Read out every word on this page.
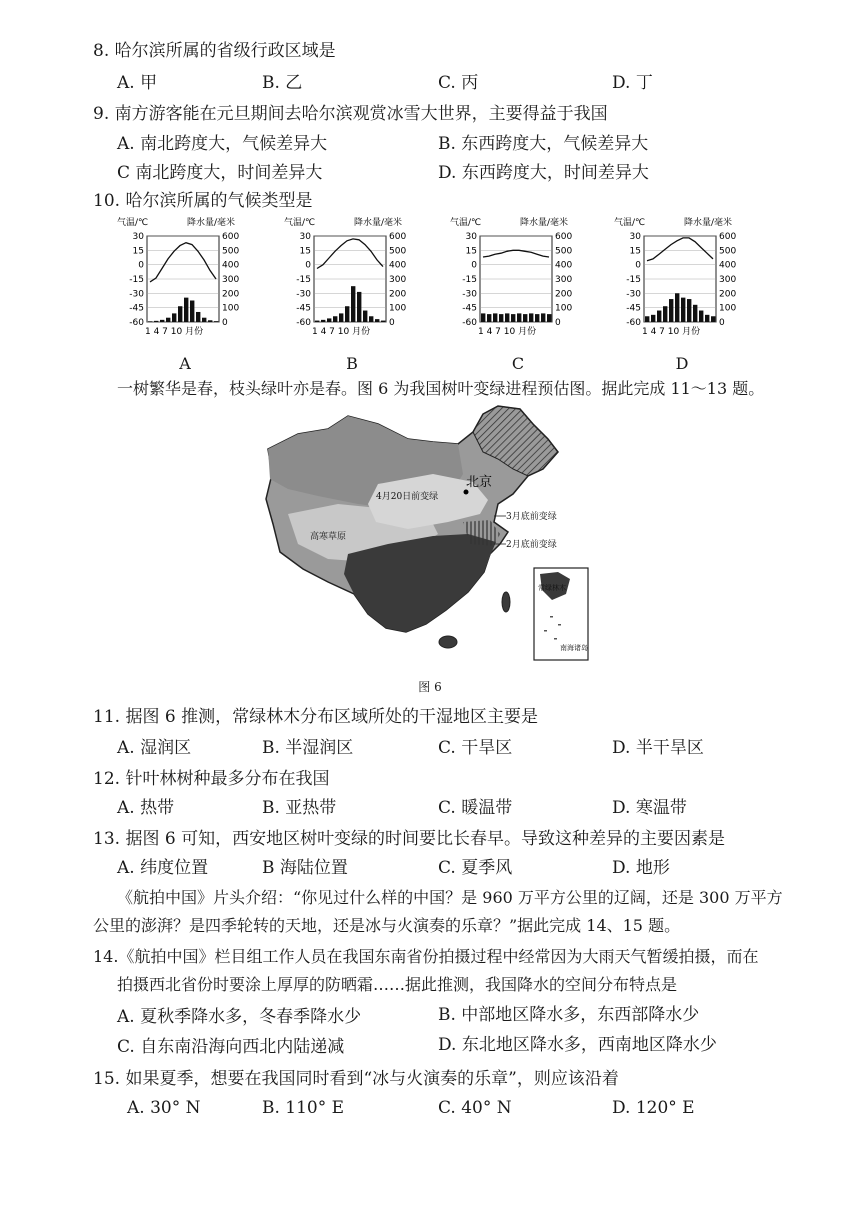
8. 哈尔滨所属的省级行政区域是
A. 甲	B. 乙	C. 丙	D. 丁
9. 南方游客能在元旦期间去哈尔滨观赏冰雪大世界，主要得益于我国
A. 南北跨度大，气候差异大	B. 东西跨度大，气候差异大
C 南北跨度大，时间差异大	D. 东西跨度大，时间差异大
10. 哈尔滨所属的气候类型是
气温/℃	降水量/毫米
30	600
15	500
0	400
-15	300
-30	200
-45	100
-60	0
1 4 7 10 月份
A
气温/℃	降水量/毫米
30	600
15	500
0	400
-15	300
-30	200
-45	100
-60	0
1 4 7 10 月份
B
气温/℃	降水量/毫米
30	600
15	500
0	400
-15	300
-30	200
-45	100
-60	0
1 4 7 10 月份
C
气温/℃	降水量/毫米
30	600
15	500
0	400
-15	300
-30	200
-45	100
-60	0
1 4 7 10 月份
D
一树繁华是春，枝头绿叶亦是春。图 6 为我国树叶变绿进程预估图。据此完成 11～13 题。
北京
4月20日前变绿
3月底前变绿
2月底前变绿
高寒草原
常绿林木
南海诸岛
图 6
11. 据图 6 推测，常绿林木分布区域所处的干湿地区主要是
A. 湿润区	B. 半湿润区	C. 干旱区	D. 半干旱区
12. 针叶林树种最多分布在我国
A. 热带	B. 亚热带	C. 暖温带	D. 寒温带
13. 据图 6 可知，西安地区树叶变绿的时间要比长春早。导致这种差异的主要因素是
A. 纬度位置	B 海陆位置	C. 夏季风	D. 地形
《航拍中国》片头介绍：“你见过什么样的中国？是 960 万平方公里的辽阔，还是 300 万平方
公里的澎湃？是四季轮转的天地，还是冰与火演奏的乐章？”据此完成 14、15 题。
14.《航拍中国》栏目组工作人员在我国东南省份拍摄过程中经常因为大雨天气暂缓拍摄，而在
拍摄西北省份时要涂上厚厚的防晒霜……据此推测，我国降水的空间分布特点是
A. 夏秋季降水多，冬春季降水少	B. 中部地区降水多，东西部降水少
C. 自东南沿海向西北内陆递减	D. 东北地区降水多，西南地区降水少
15. 如果夏季，想要在我国同时看到“冰与火演奏的乐章”，则应该沿着
A. 30° N	B. 110° E	C. 40° N	D. 120° E
